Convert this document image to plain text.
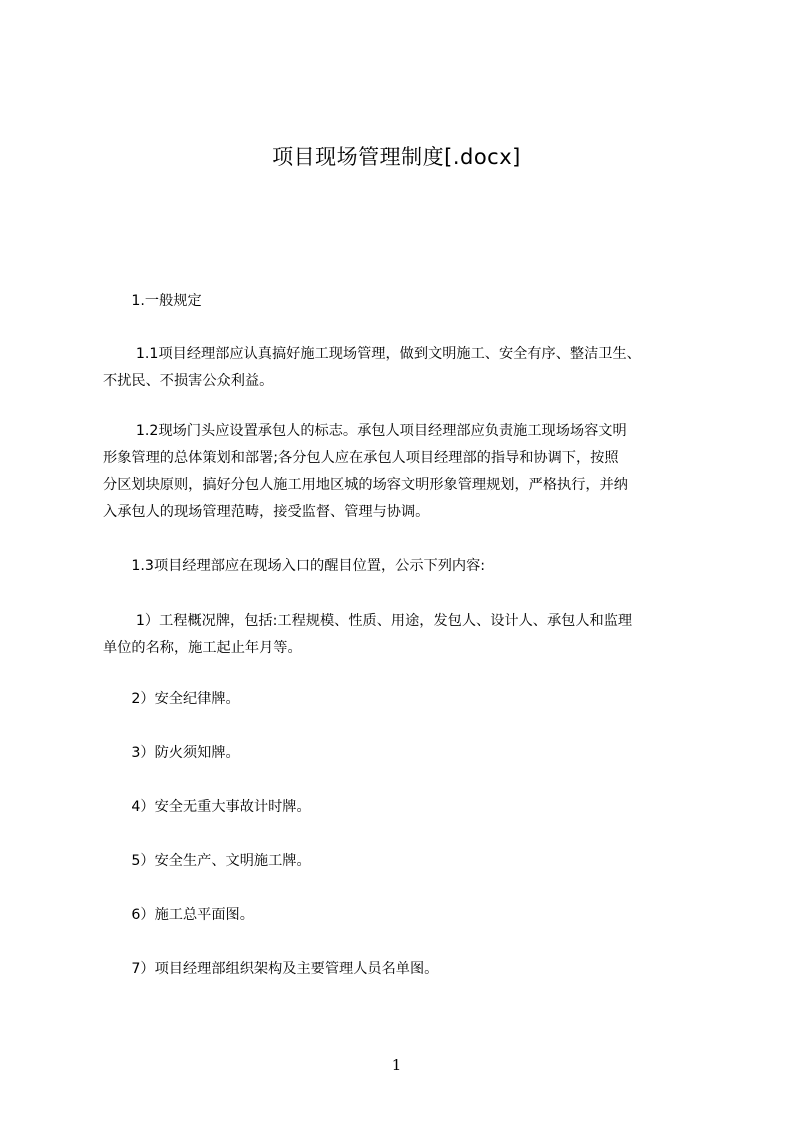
项目现场管理制度[.docx]

　　1.一般规定

　　 1.1项目经理部应认真搞好施工现场管理，做到文明施工、安全有序、整洁卫生、
不扰民、不损害公众利益。

　　 1.2现场门头应设置承包人的标志。承包人项目经理部应负责施工现场场容文明
形象管理的总体策划和部署;各分包人应在承包人项目经理部的指导和协调下，按照
分区划块原则，搞好分包人施工用地区城的场容文明形象管理规划，严格执行，并纳
入承包人的现场管理范畴，接受监督、管理与协调。

　　1.3项目经理部应在现场入口的醒目位置，公示下列内容:

　　 1）工程概况牌，包括:工程规模、性质、用途，发包人、设计人、承包人和监理
单位的名称，施工起止年月等。

　　2）安全纪律牌。

　　3）防火须知牌。

　　4）安全无重大事故计时牌。

　　5）安全生产、文明施工牌。

　　6）施工总平面图。

　　7）项目经理部组织架构及主要管理人员名单图。

1
